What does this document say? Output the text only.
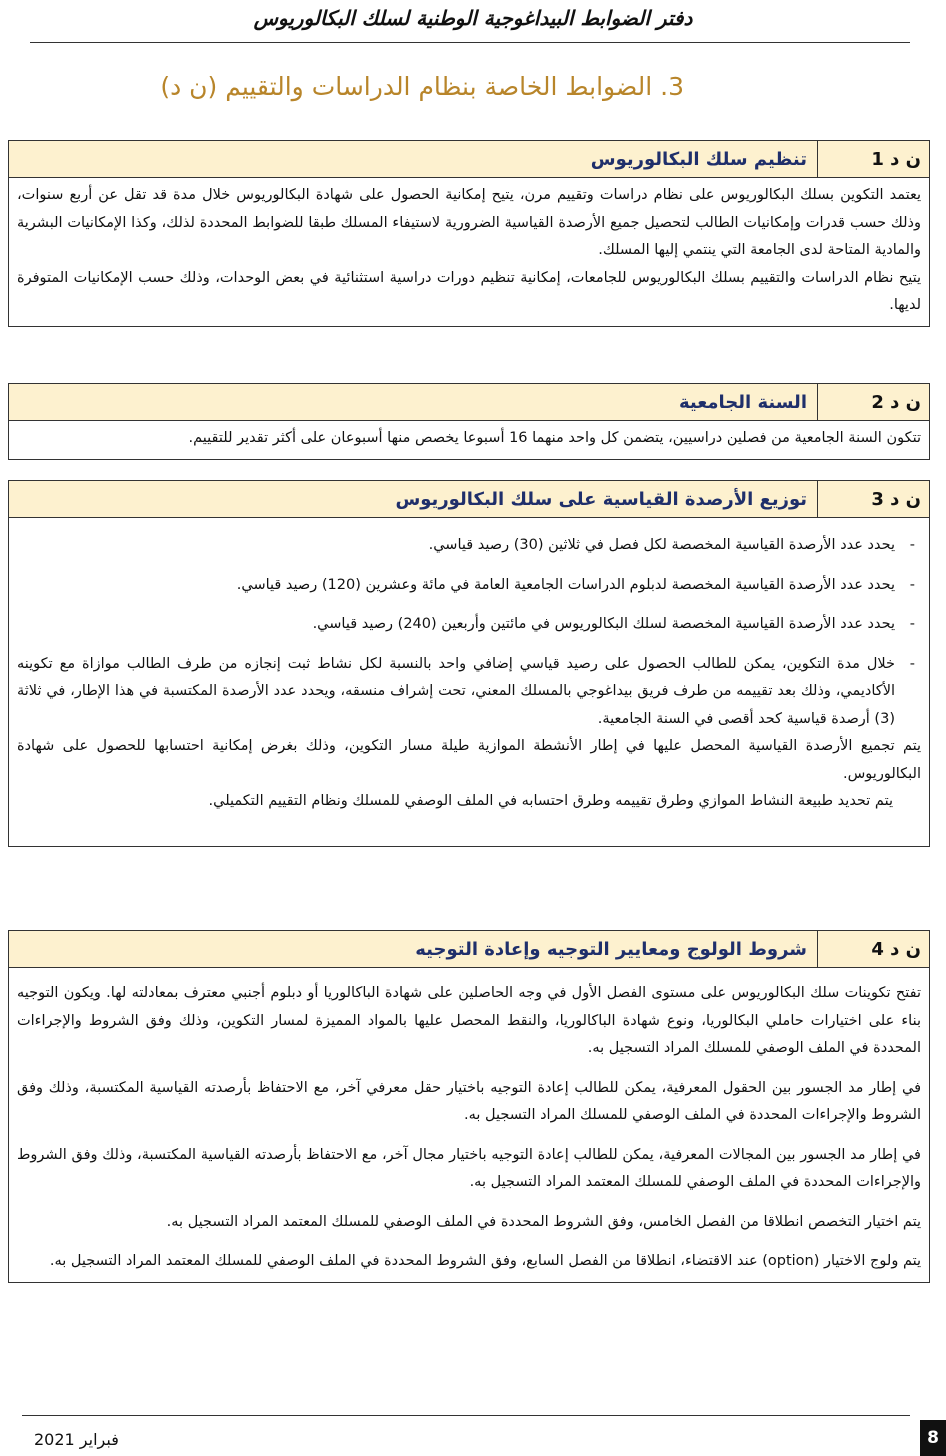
دفتر الضوابط البيداغوجية الوطنية لسلك البكالوريوس
3. الضوابط الخاصة بنظام الدراسات والتقييم (ن د)
ن د 1
تنظيم سلك البكالوريوس

يعتمد التكوين بسلك البكالوريوس على نظام دراسات وتقييم مرن، يتيح إمكانية الحصول على شهادة البكالوريوس خلال مدة قد تقل عن أربع سنوات، وذلك حسب قدرات وإمكانيات الطالب لتحصيل جميع الأرصدة القياسية الضرورية لاستيفاء المسلك طبقا للضوابط المحددة لذلك، وكذا الإمكانيات البشرية والمادية المتاحة لدى الجامعة التي ينتمي إليها المسلك.

يتيح نظام الدراسات والتقييم بسلك البكالوريوس للجامعات، إمكانية تنظيم دورات دراسية استثنائية في بعض الوحدات، وذلك حسب الإمكانيات المتوفرة لديها.

ن د 2
السنة الجامعية

تتكون السنة الجامعية من فصلين دراسيين، يتضمن كل واحد منهما 16 أسبوعا يخصص منها أسبوعان على أكثر تقدير للتقييم.

ن د 3
توزيع الأرصدة القياسية على سلك البكالوريوس
- يحدد عدد الأرصدة القياسية المخصصة لكل فصل في ثلاثين (30) رصيد قياسي.
- يحدد عدد الأرصدة القياسية المخصصة لدبلوم الدراسات الجامعية العامة في مائة وعشرين (120) رصيد قياسي.
- يحدد عدد الأرصدة القياسية المخصصة لسلك البكالوريوس في مائتين وأربعين (240) رصيد قياسي.
- خلال مدة التكوين، يمكن للطالب الحصول على رصيد قياسي إضافي واحد بالنسبة لكل نشاط ثبت إنجازه من طرف الطالب موازاة مع تكوينه الأكاديمي، وذلك بعد تقييمه من طرف فريق بيداغوجي بالمسلك المعني، تحت إشراف منسقه، ويحدد عدد الأرصدة المكتسبة في هذا الإطار، في ثلاثة (3) أرصدة قياسية كحد أقصى في السنة الجامعية.

يتم تجميع الأرصدة القياسية المحصل عليها في إطار الأنشطة الموازية طيلة مسار التكوين، وذلك بغرض إمكانية احتسابها للحصول على شهادة البكالوريوس.

يتم تحديد طبيعة النشاط الموازي وطرق تقييمه وطرق احتسابه في الملف الوصفي للمسلك ونظام التقييم التكميلي.

ن د 4
شروط الولوج ومعايير التوجيه وإعادة التوجيه

تفتح تكوينات سلك البكالوريوس على مستوى الفصل الأول في وجه الحاصلين على شهادة الباكالوريا أو دبلوم أجنبي معترف بمعادلته لها. ويكون التوجيه بناء على اختيارات حاملي البكالوريا، ونوع شهادة الباكالوريا، والنقط المحصل عليها بالمواد المميزة لمسار التكوين، وذلك وفق الشروط والإجراءات المحددة في الملف الوصفي للمسلك المراد التسجيل به.

في إطار مد الجسور بين الحقول المعرفية، يمكن للطالب إعادة التوجيه باختيار حقل معرفي آخر، مع الاحتفاظ بأرصدته القياسية المكتسبة، وذلك وفق الشروط والإجراءات المحددة في الملف الوصفي للمسلك المراد التسجيل به.

في إطار مد الجسور بين المجالات المعرفية، يمكن للطالب إعادة التوجيه باختيار مجال آخر، مع الاحتفاظ بأرصدته القياسية المكتسبة، وذلك وفق الشروط والإجراءات المحددة في الملف الوصفي للمسلك المعتمد المراد التسجيل به.

يتم اختيار التخصص انطلاقا من الفصل الخامس، وفق الشروط المحددة في الملف الوصفي للمسلك المعتمد المراد التسجيل به.

يتم ولوج الاختيار (option) عند الاقتضاء، انطلاقا من الفصل السابع، وفق الشروط المحددة في الملف الوصفي للمسلك المعتمد المراد التسجيل به.

فبراير 2021	8
